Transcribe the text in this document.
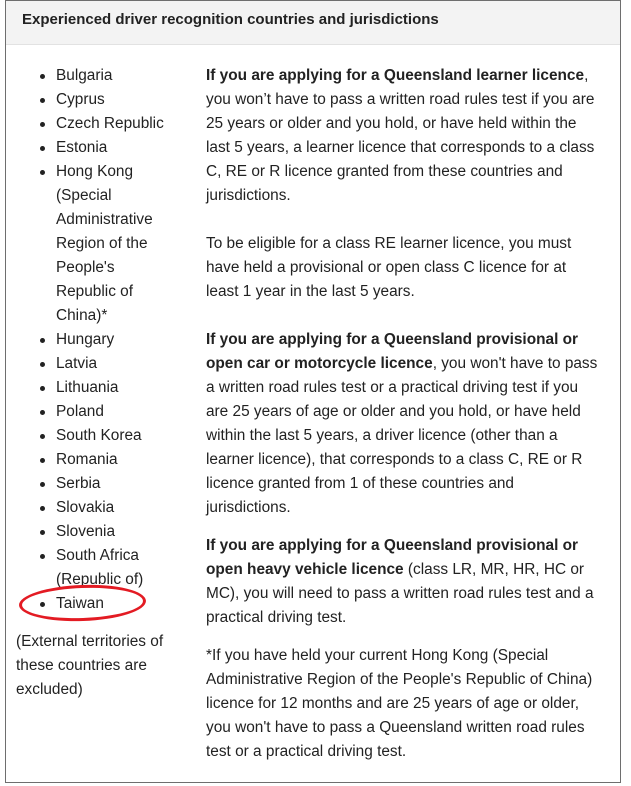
Experienced driver recognition countries and jurisdictions
Bulgaria
Cyprus
Czech Republic
Estonia
Hong Kong (Special Administrative Region of the People's Republic of China)*
Hungary
Latvia
Lithuania
Poland
South Korea
Romania
Serbia
Slovakia
Slovenia
South Africa (Republic of)
Taiwan
(External territories of these countries are excluded)

If you are applying for a Queensland learner licence, you won’t have to pass a written road rules test if you are 25 years or older and you hold, or have held within the last 5 years, a learner licence that corresponds to a class C, RE or R licence granted from these countries and jurisdictions.

To be eligible for a class RE learner licence, you must have held a provisional or open class C licence for at least 1 year in the last 5 years.

If you are applying for a Queensland provisional or open car or motorcycle licence, you won't have to pass a written road rules test or a practical driving test if you are 25 years of age or older and you hold, or have held within the last 5 years, a driver licence (other than a learner licence), that corresponds to a class C, RE or R licence granted from 1 of these countries and jurisdictions.

If you are applying for a Queensland provisional or open heavy vehicle licence (class LR, MR, HR, HC or MC), you will need to pass a written road rules test and a practical driving test.

*If you have held your current Hong Kong (Special Administrative Region of the People's Republic of China) licence for 12 months and are 25 years of age or older, you won't have to pass a Queensland written road rules test or a practical driving test.
